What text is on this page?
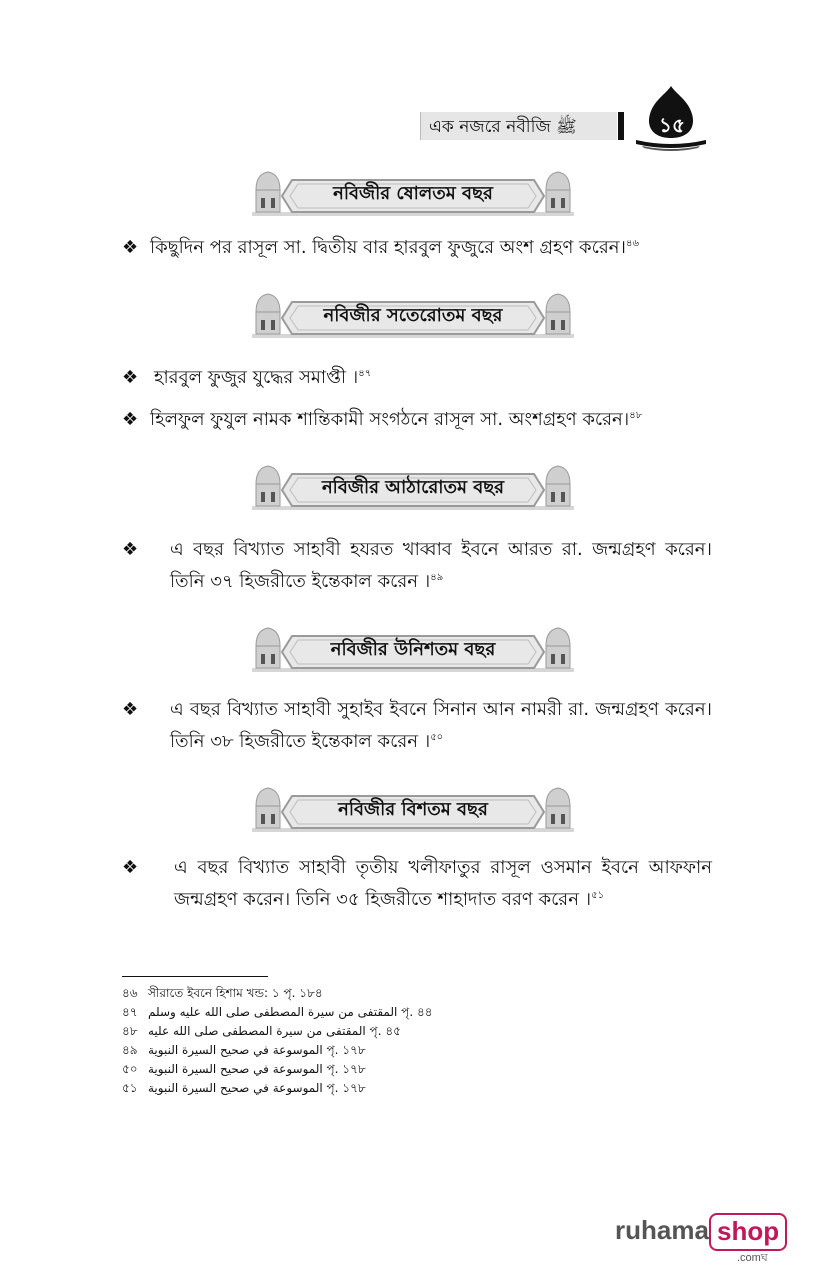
এক নজরে নবীজি ﷺ	১৫
নবিজীর ষোলতম বছর
❖ কিছুদিন পর রাসূল সা. দ্বিতীয় বার হারবুল ফুজুরে অংশ গ্রহণ করেন।$^{৪৬}$
নবিজীর সতেরোতম বছর
❖ হারবুল ফুজুর যুদ্ধের সমাপ্তী ।$^{৪৭}$
❖ হিলফুল ফুযুল নামক শান্তিকামী সংগঠনে রাসূল সা. অংশগ্রহণ করেন।$^{৪৮}$
নবিজীর আঠারোতম বছর
❖	এ বছর বিখ্যাত সাহাবী হযরত খাব্বাব ইবনে আরত রা. জন্মগ্রহণ করেন। তিনি ৩৭ হিজরীতে ইন্তেকাল করেন ।$^{৪৯}$
নবিজীর উনিশতম বছর
❖	এ বছর বিখ্যাত সাহাবী সুহাইব ইবনে সিনান আন নামরী রা. জন্মগ্রহণ করেন। তিনি ৩৮ হিজরীতে ইন্তেকাল করেন ।$^{৫০}$
নবিজীর বিশতম বছর
❖	এ বছর বিখ্যাত সাহাবী তৃতীয় খলীফাতুর রাসূল ওসমান ইবনে আফফান জন্মগ্রহণ করেন। তিনি ৩৫ হিজরীতে শাহাদাত বরণ করেন ।$^{৫১}$
৪৬ সীরাতে ইবনে হিশাম খন্ড: ১ পৃ. ১৮৪
৪৭ المقتفى من سيرة المصطفى صلى الله عليه وسلم পৃ. ৪৪
৪৮ المقتفى من سيرة المصطفى صلى الله عليه পৃ. ৪৫
৪৯ الموسوعة في صحيح السيرة النبوية পৃ. ১৭৮
৫০ الموسوعة في صحيح السيرة النبوية পৃ. ১৭৮
৫১ الموسوعة في صحيح السيرة النبوية পৃ. ১৭৮
ruhama shop
.comঘ
